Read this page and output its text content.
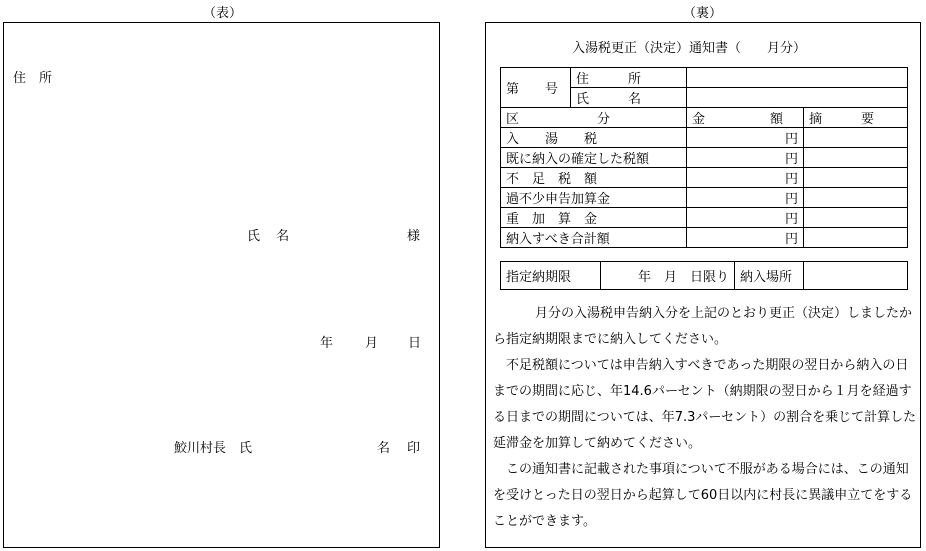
（表）	（裏）
住　所
氏 名	様
年 月 日
鮫川村長　氏	名 印
入湯税更正（決定）通知書（　　月分）
第　　号	住　　　所		
	氏　　　名		
区　　　　　　分		金　　　　　額	摘　　　要
入　　湯　　税		円	
既に納入の確定した税額		円	
不　足　税　額		円	
過不少申告加算金		円	
重　加　算　金		円	
納入すべき合計額		円	
指定納期限	年　月　日限り	納入場所	
月分の入湯税申告納入分を上記のとおり更正（決定）しましたから指定納期限までに納入してください。
不足税額については申告納入すべきであった期限の翌日から納入の日までの期間に応じ、年14.6パーセント（納期限の翌日から１月を経過する日までの期間については、年7.3パーセント）の割合を乗じて計算した延滞金を加算して納めてください。
この通知書に記載された事項について不服がある場合には、この通知を受けとった日の翌日から起算して60日以内に村長に異議申立てをすることができます。
